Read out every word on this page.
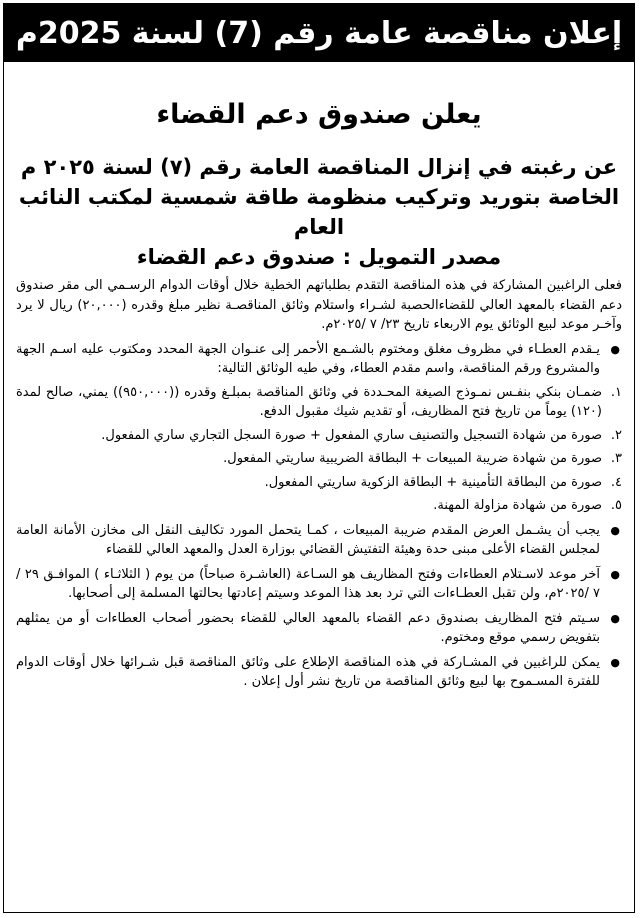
إعلان مناقصة عامة رقم (7) لسنة 2025م
يعلن صندوق دعم القضاء
عن رغبته في إنزال المناقصة العامة رقم (٧) لسنة ٢٠٢٥ م
الخاصة بتوريد وتركيب منظومة طاقة شمسية لمكتب النائب العام
مصدر التمويل : صندوق دعم القضاء

فعلى الراغبين المشاركة في هذه المناقصة التقدم بطلباتهم الخطية خلال أوقات الدوام الرسـمي الى مقر صندوق دعم القضاء بالمعهد العالي للقضاءالحصبة لشـراء واستلام وثائق المناقصـة نظير مبلغ وقدره (٢٠,٠٠٠) ريال لا يرد وآخـر موعد لبيع الوثائق يوم الاربعاء تاريخ ٢٣/ ٧ /٢٠٢٥م.

● يـقدم العطـاء في مظروف مغلق ومختوم بالشـمع الأحمر إلى عنـوان الجهة المحدد ومكتوب عليه اسـم الجهة والمشروع ورقم المناقصة، واسم مقدم العطاء، وفي طيه الوثائق التالية:
١.
ضمـان بنكي بنفـس نمـوذج الصيغة المحـددة في وثائق المناقصة بمبلـغ وقدره ((٩٥٠,٠٠٠)) يمني، صالح لمدة (١٢٠) يوماً من تاريخ فتح المظاريف، أو تقديم شيك مقبول الدفع.
٢.
صورة من شهادة التسجيل والتصنيف ساري المفعول + صورة السجل التجاري ساري المفعول.
٣.
صورة من شهادة ضريبة المبيعات + البطاقة الضريبية ساريتي المفعول.
٤.
صورة من البطاقة التأمينية + البطاقة الزكوية ساريتي المفعول.
٥.
صورة من شهادة مزاولة المهنة.
● يجب أن يشـمل العرض المقدم ضريبة المبيعات ، كمـا يتحمل المورد تكاليف النقل الى مخازن الأمانة العامة لمجلس القضاء الأعلى مبنى حدة وهيئة التفتيش القضائي بوزارة العدل والمعهد العالي للقضاء
● آخر موعد لاسـتلام العطاءات وفتح المظاريف هو السـاعة (العاشـرة صباحاً) من يوم ( الثلاثـاء ) الموافـق ٢٩ / ٧ /٢٠٢٥م، ولن تقبل العطـاءات التي ترد بعد هذا الموعد وسيتم إعادتها بحالتها المسلمة إلى أصحابها.
● سـيتم فتح المظاريف بصندوق دعم القضاء بالمعهد العالي للقضاء بحضور أصحاب العطاءات أو من يمثلهم بتفويض رسمي موقع ومختوم.
● يمكن للراغبين في المشـاركة في هذه المناقصة الإطلاع على وثائق المناقصة قبل شـرائها خلال أوقات الدوام للفترة المسـموح بها لبيع وثائق المناقصة من تاريخ نشر أول إعلان .
